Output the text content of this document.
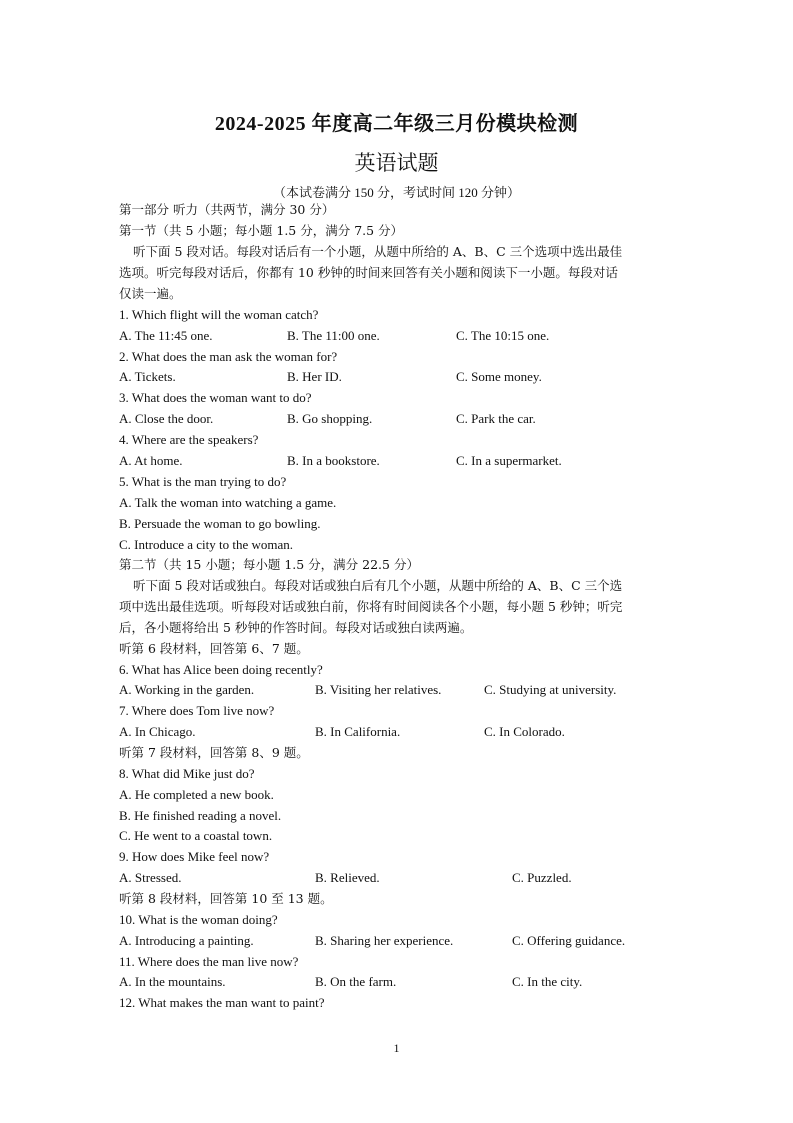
2024-2025 年度高二年级三月份模块检测
英语试题
（本试卷满分 150 分，考试时间 120 分钟）
第一部分 听力（共两节，满分 30 分）
第一节（共 5 小题；每小题 1.5 分，满分 7.5 分）
听下面 5 段对话。每段对话后有一个小题，从题中所给的 A、B、C 三个选项中选出最佳
选项。听完每段对话后，你都有 10 秒钟的时间来回答有关小题和阅读下一小题。每段对话
仅读一遍。
1. Which flight will the woman catch?
A. The 11:45 one.	B. The 11:00 one.	C. The 10:15 one.
2. What does the man ask the woman for?
A. Tickets.	B. Her ID.	C. Some money.
3. What does the woman want to do?
A. Close the door.	B. Go shopping.	C. Park the car.
4. Where are the speakers?
A. At home.	B. In a bookstore.	C. In a supermarket.
5. What is the man trying to do?
A. Talk the woman into watching a game.
B. Persuade the woman to go bowling.
C. Introduce a city to the woman.
第二节（共 15 小题；每小题 1.5 分，满分 22.5 分）
听下面 5 段对话或独白。每段对话或独白后有几个小题，从题中所给的 A、B、C 三个选
项中选出最佳选项。听每段对话或独白前，你将有时间阅读各个小题，每小题 5 秒钟；听完
后，各小题将给出 5 秒钟的作答时间。每段对话或独白读两遍。
听第 6 段材料，回答第 6、7 题。
6. What has Alice been doing recently?
A. Working in the garden.	B. Visiting her relatives.	C. Studying at university.
7. Where does Tom live now?
A. In Chicago.	B. In California.	C. In Colorado.
听第 7 段材料，回答第 8、9 题。
8. What did Mike just do?
A. He completed a new book.
B. He finished reading a novel.
C. He went to a coastal town.
9. How does Mike feel now?
A. Stressed.	B. Relieved.	C. Puzzled.
听第 8 段材料，回答第 10 至 13 题。
10. What is the woman doing?
A. Introducing a painting.	B. Sharing her experience.	C. Offering guidance.
11. Where does the man live now?
A. In the mountains.	B. On the farm.	C. In the city.
12. What makes the man want to paint?
1
